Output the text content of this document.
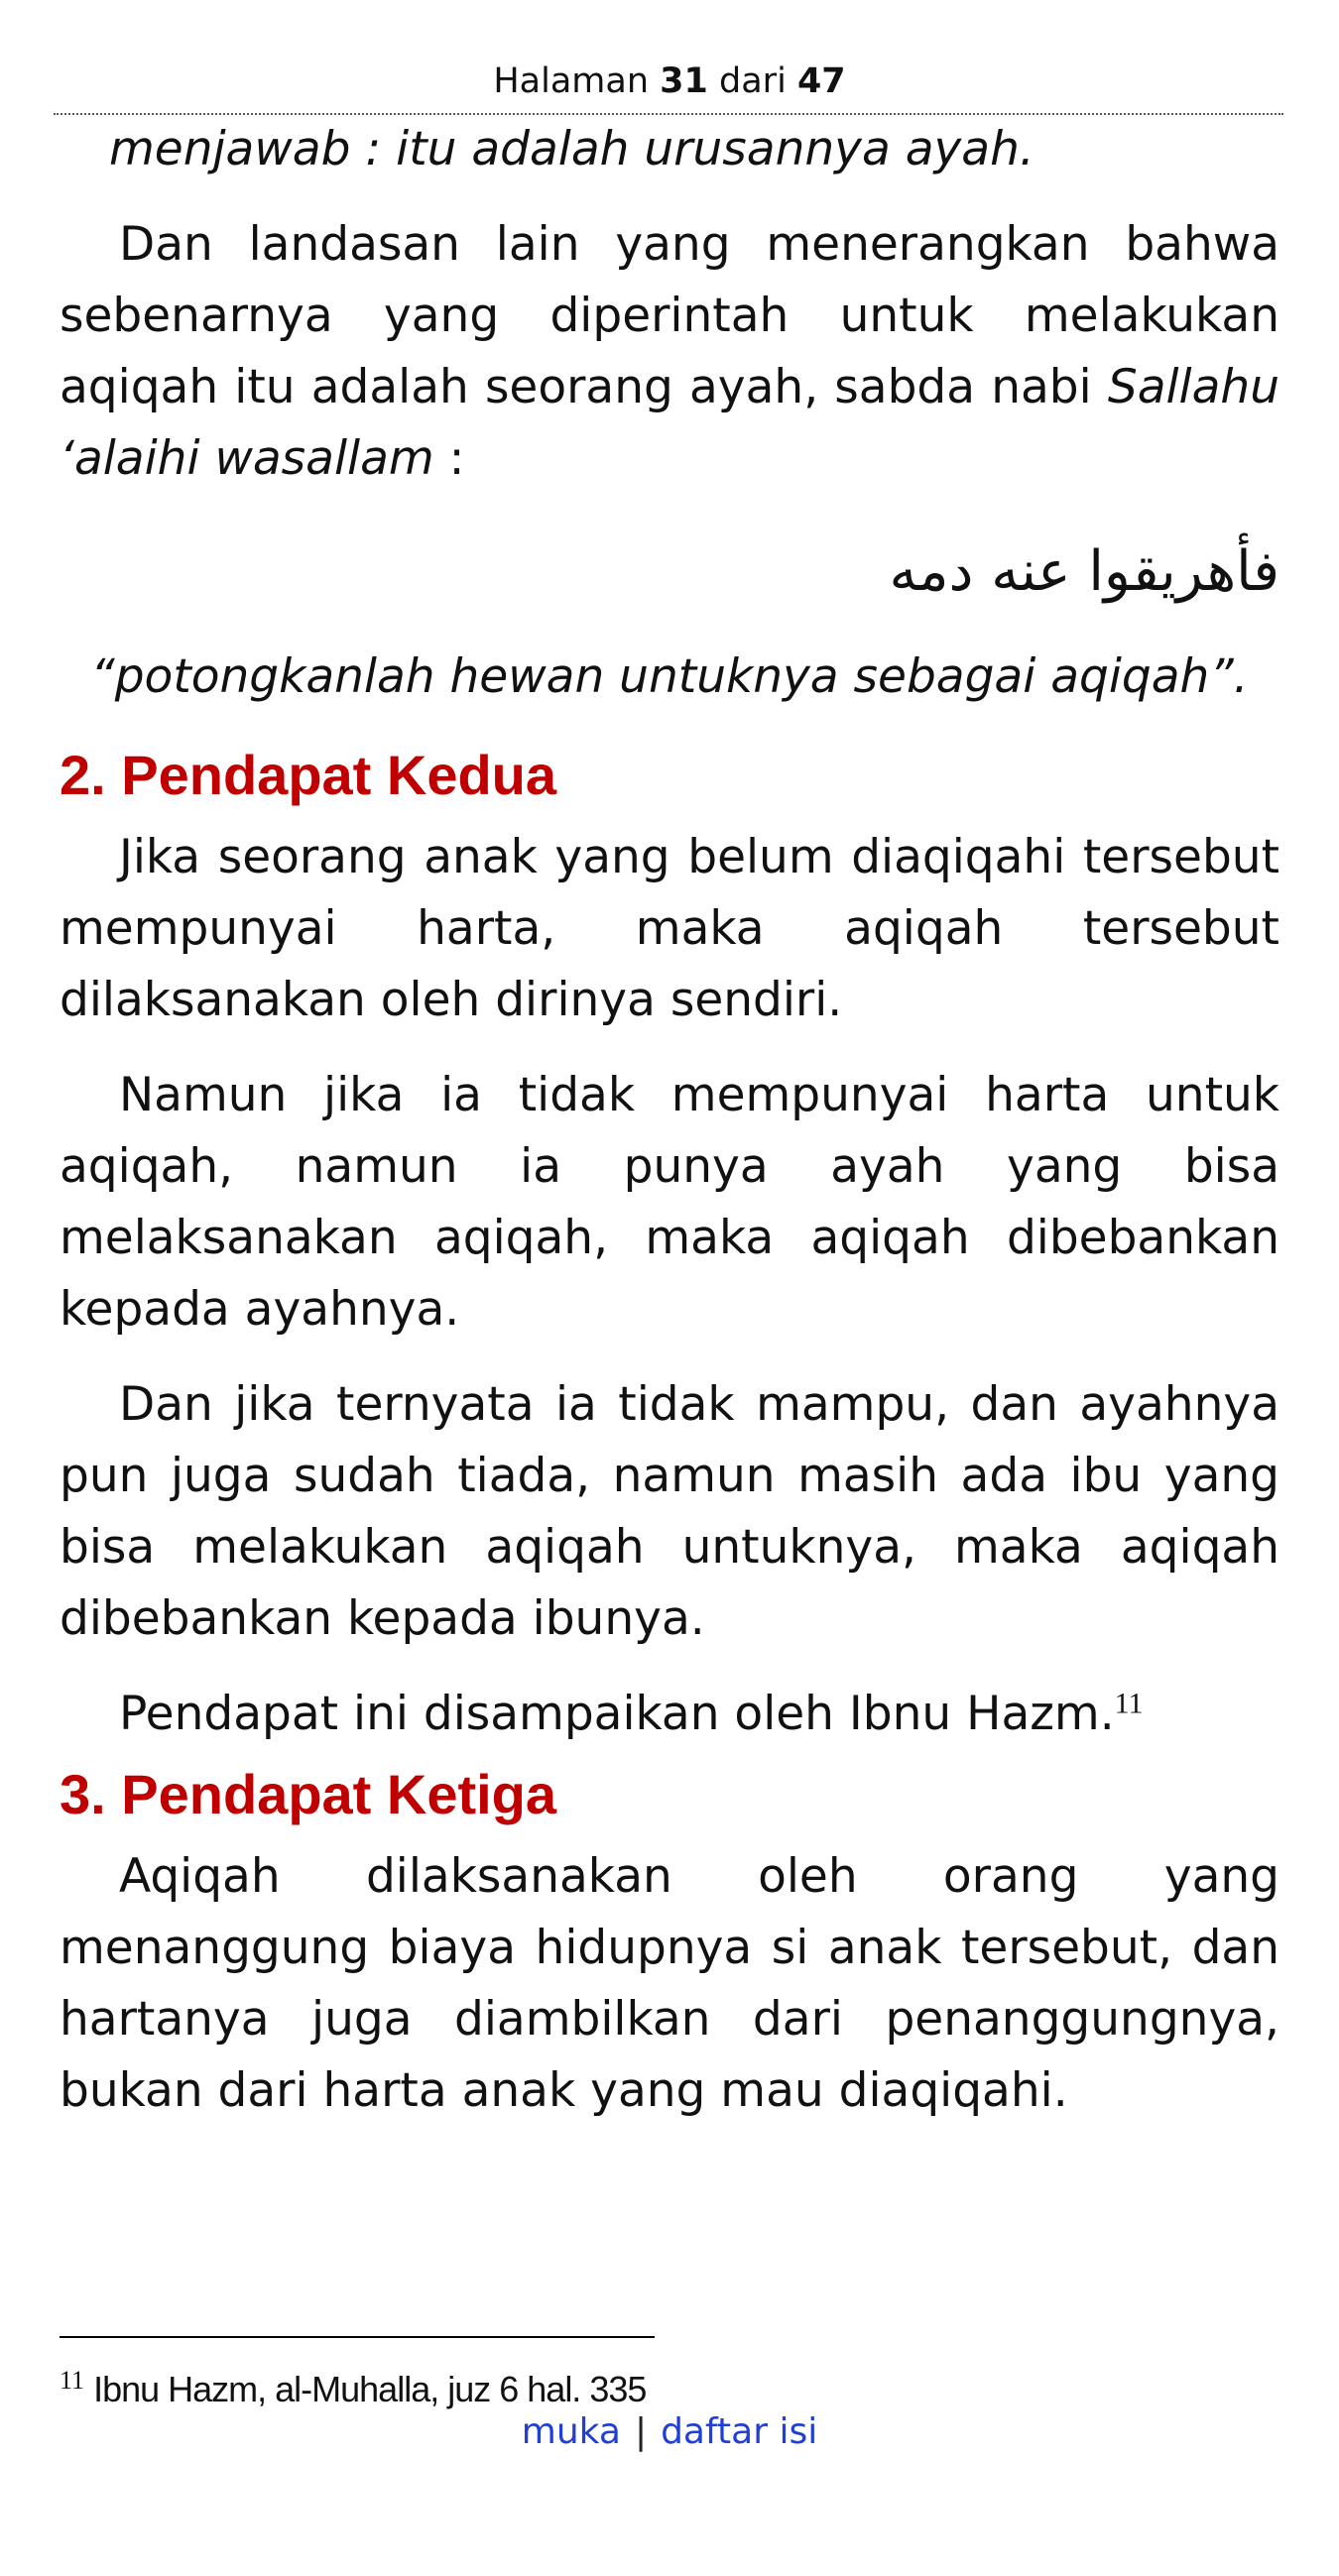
Halaman 31 dari 47

menjawab : itu adalah urusannya ayah.

Dan landasan lain yang menerangkan bahwa sebenarnya yang diperintah untuk melakukan aqiqah itu adalah seorang ayah, sabda nabi Sallahu ‘alaihi wasallam :

فأهريقوا عنه دمه

“potongkanlah hewan untuknya sebagai aqiqah”.

2. Pendapat Kedua

Jika seorang anak yang belum diaqiqahi tersebut mempunyai harta, maka aqiqah tersebut dilaksanakan oleh dirinya sendiri.

Namun jika ia tidak mempunyai harta untuk aqiqah, namun ia punya ayah yang bisa melaksanakan aqiqah, maka aqiqah dibebankan kepada ayahnya.

Dan jika ternyata ia tidak mampu, dan ayahnya pun juga sudah tiada, namun masih ada ibu yang bisa melakukan aqiqah untuknya, maka aqiqah dibebankan kepada ibunya.

Pendapat ini disampaikan oleh Ibnu Hazm.$^{11}$

3. Pendapat Ketiga

Aqiqah dilaksanakan oleh orang yang menanggung biaya hidupnya si anak tersebut, dan hartanya juga diambilkan dari penanggungnya, bukan dari harta anak yang mau diaqiqahi.

$^{11}$ Ibnu Hazm, al-Muhalla, juz 6 hal. 335
muka | daftar isi
